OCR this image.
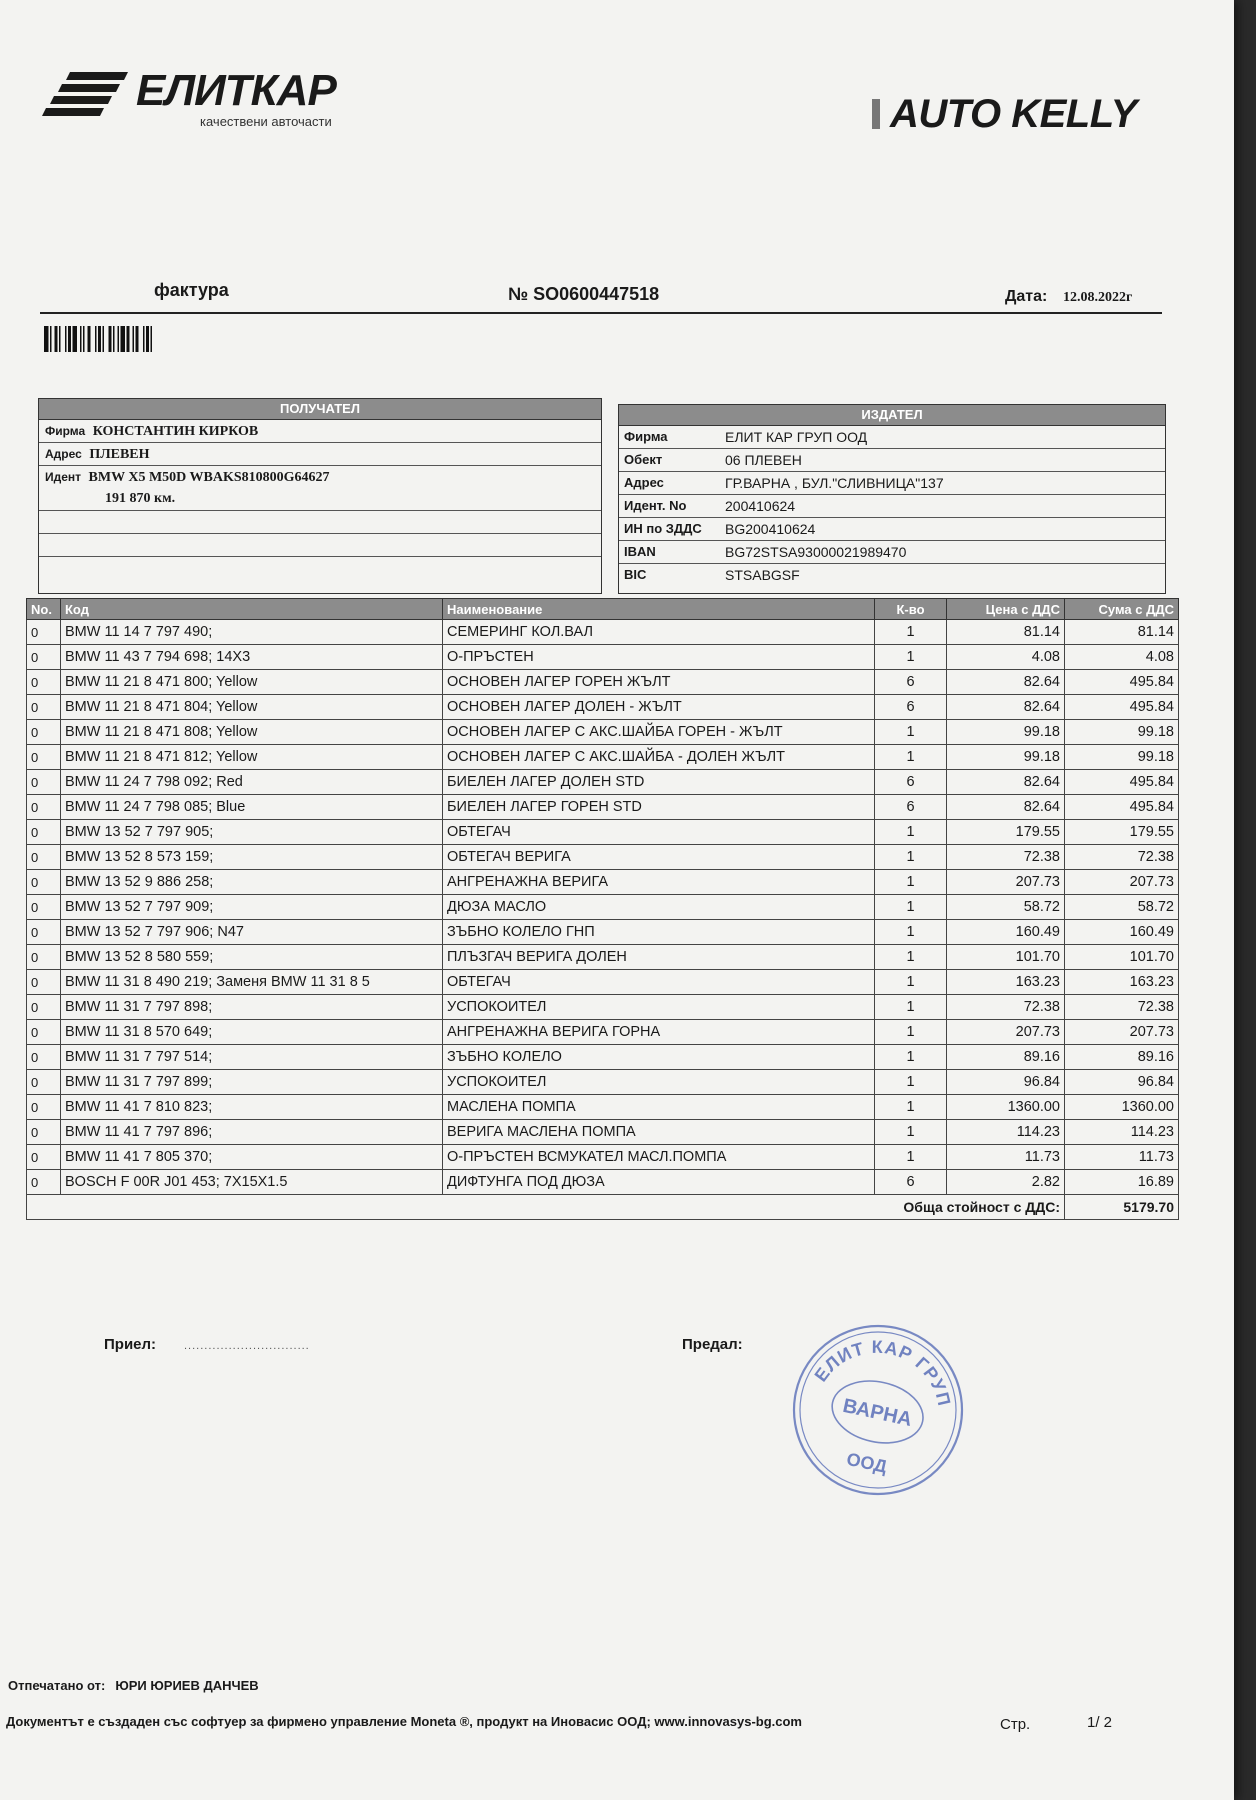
ЕЛИТКАР
качествени авточасти	AUTO KELLY
фактура	№ SO0600447518	Дата: 12.08.2022г
ПОЛУЧАТЕЛ
Фирма КОНСТАНТИН КИРКОВ
Адрес ПЛЕВЕН
Идент BMW X5 M50D WBAKS810800G64627
191 870 км.
ИЗДАТЕЛ
Фирма	ЕЛИТ КАР ГРУП ООД
Обект	06 ПЛЕВЕН
Адрес	ГР.ВАРНА , БУЛ."СЛИВНИЦА"137
Идент. No	200410624
ИН по ЗДДС BG200410624
IBAN	BG72STSA93000021989470
BIC	STSABGSF
No.	Код	Наименование	К-во	Цена с ДДС	Сума с ДДС
0	BMW 11 14 7 797 490;	СЕМЕРИНГ КОЛ.ВАЛ	1	81.14	81.14
0	BMW 11 43 7 794 698; 14X3	О-ПРЪСТЕН	1	4.08	4.08
0	BMW 11 21 8 471 800; Yellow	ОСНОВЕН ЛАГЕР ГОРЕН ЖЪЛТ	6	82.64	495.84
0	BMW 11 21 8 471 804; Yellow	ОСНОВЕН ЛАГЕР ДОЛЕН - ЖЪЛТ	6	82.64	495.84
0	BMW 11 21 8 471 808; Yellow	ОСНОВЕН ЛАГЕР С АКС.ШАЙБА ГОРЕН - ЖЪЛТ	1	99.18	99.18
0	BMW 11 21 8 471 812; Yellow	ОСНОВЕН ЛАГЕР С АКС.ШАЙБА - ДОЛЕН ЖЪЛТ	1	99.18	99.18
0	BMW 11 24 7 798 092; Red	БИЕЛЕН ЛАГЕР ДОЛЕН STD	6	82.64	495.84
0	BMW 11 24 7 798 085; Blue	БИЕЛЕН ЛАГЕР ГОРЕН STD	6	82.64	495.84
0	BMW 13 52 7 797 905;	ОБТЕГАЧ	1	179.55	179.55
0	BMW 13 52 8 573 159;	ОБТЕГАЧ ВЕРИГА	1	72.38	72.38
0	BMW 13 52 9 886 258;	АНГРЕНАЖНА ВЕРИГА	1	207.73	207.73
0	BMW 13 52 7 797 909;	ДЮЗА МАСЛО	1	58.72	58.72
0	BMW 13 52 7 797 906; N47	ЗЪБНО КОЛЕЛО ГНП	1	160.49	160.49
0	BMW 13 52 8 580 559;	ПЛЪЗГАЧ ВЕРИГА ДОЛЕН	1	101.70	101.70
0	BMW 11 31 8 490 219; Заменя BMW 11 31 8 5	ОБТЕГАЧ	1	163.23	163.23
0	BMW 11 31 7 797 898;	УСПОКОИТЕЛ	1	72.38	72.38
0	BMW 11 31 8 570 649;	АНГРЕНАЖНА ВЕРИГА ГОРНА	1	207.73	207.73
0	BMW 11 31 7 797 514;	ЗЪБНО КОЛЕЛО	1	89.16	89.16
0	BMW 11 31 7 797 899;	УСПОКОИТЕЛ	1	96.84	96.84
0	BMW 11 41 7 810 823;	МАСЛЕНА ПОМПА	1	1360.00	1360.00
0	BMW 11 41 7 797 896;	ВЕРИГА МАСЛЕНА ПОМПА	1	114.23	114.23
0	BMW 11 41 7 805 370;	О-ПРЪСТЕН ВСМУКАТЕЛ МАСЛ.ПОМПА	1	11.73	11.73
0	BOSCH F 00R J01 453; 7X15X1.5	ДИФТУНГА ПОД ДЮЗА	6	2.82	16.89
			Обща стойност с ДДС:		5179.70
Приел:	...............................	Предал:
ЕЛИТ КАР ГРУП
ВАРНА
ООД
Отпечатано от: ЮРИ ЮРИЕВ ДАНЧЕВ
Документът е създаден със софтуер за фирмено управление Moneta ®, продукт на Иновасис ООД; www.innovasys-bg.com	Стр.	1/ 2
